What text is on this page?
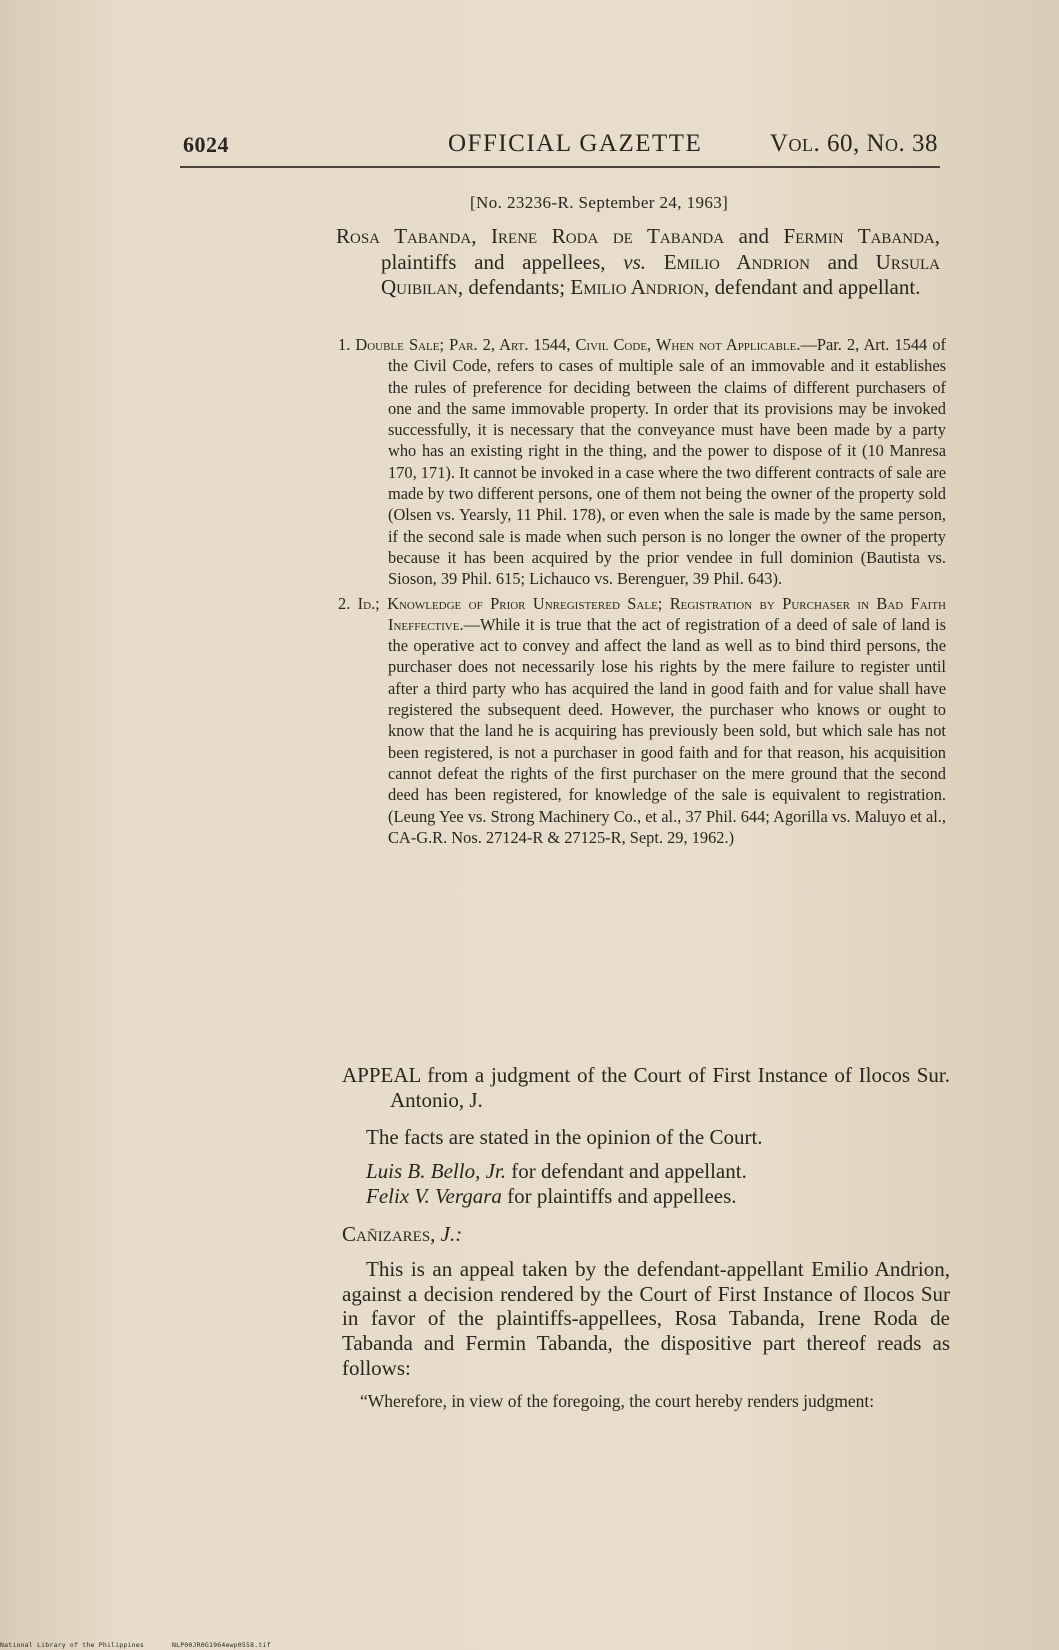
6024	OFFICIAL GAZETTE	Vol. 60, No. 38
[No. 23236-R. September 24, 1963]

Rosa Tabanda, Irene Roda de Tabanda and Fermin Tabanda, plaintiffs and appellees, vs. Emilio Andrion and Ursula Quibilan, defendants; Emilio Andrion, defendant and appellant.

1. Double Sale; Par. 2, Art. 1544, Civil Code, When not Applicable.—Par. 2, Art. 1544 of the Civil Code, refers to cases of multiple sale of an immovable and it establishes the rules of preference for deciding between the claims of different purchasers of one and the same immovable property. In order that its provisions may be invoked successfully, it is necessary that the conveyance must have been made by a party who has an existing right in the thing, and the power to dispose of it (10 Manresa 170, 171). It cannot be invoked in a case where the two different contracts of sale are made by two different persons, one of them not being the owner of the property sold (Olsen vs. Yearsly, 11 Phil. 178), or even when the sale is made by the same person, if the second sale is made when such person is no longer the owner of the property because it has been acquired by the prior vendee in full dominion (Bautista vs. Sioson, 39 Phil. 615; Lichauco vs. Berenguer, 39 Phil. 643).

2. Id.; Knowledge of Prior Unregistered Sale; Registration by Purchaser in Bad Faith Ineffective.—While it is true that the act of registration of a deed of sale of land is the operative act to convey and affect the land as well as to bind third persons, the purchaser does not necessarily lose his rights by the mere failure to register until after a third party who has acquired the land in good faith and for value shall have registered the subsequent deed. However, the purchaser who knows or ought to know that the land he is acquiring has previously been sold, but which sale has not been registered, is not a purchaser in good faith and for that reason, his acquisition cannot defeat the rights of the first purchaser on the mere ground that the second deed has been registered, for knowledge of the sale is equivalent to registration. (Leung Yee vs. Strong Machinery Co., et al., 37 Phil. 644; Agorilla vs. Maluyo et al., CA-G.R. Nos. 27124-R & 27125-R, Sept. 29, 1962.)

APPEAL from a judgment of the Court of First Instance of Ilocos Sur. Antonio, J.

The facts are stated in the opinion of the Court.

Luis B. Bello, Jr. for defendant and appellant.

Felix V. Vergara for plaintiffs and appellees.

Cañizares, J.:

This is an appeal taken by the defendant-appellant Emilio Andrion, against a decision rendered by the Court of First Instance of Ilocos Sur in favor of the plaintiffs-appellees, Rosa Tabanda, Irene Roda de Tabanda and Fermin Tabanda, the dispositive part thereof reads as follows:

“Wherefore, in view of the foregoing, the court hereby renders judgment:

National Library of the Philippines	NLP00JR0G1964ewp0558.tif
